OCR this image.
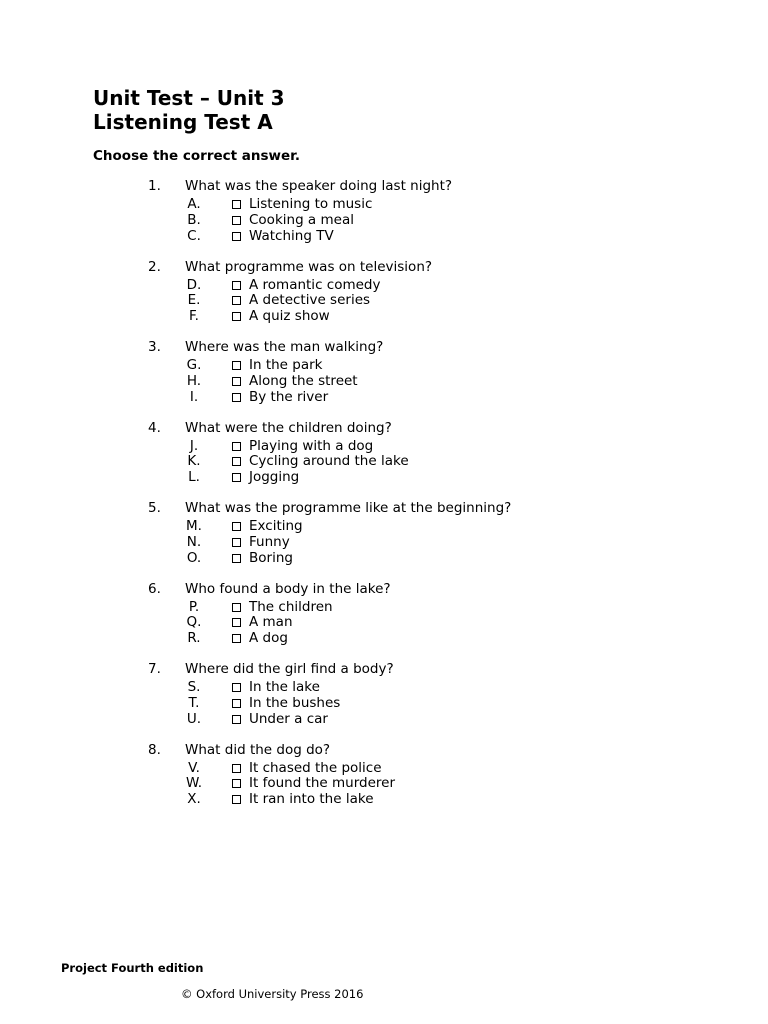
Unit Test – Unit 3

Listening Test A

Choose the correct answer.

1. What was the speaker doing last night?
A.	Listening to music
B.	Cooking a meal
C.	Watching TV
2. What programme was on television?
D.	A romantic comedy
E.	A detective series
F.	A quiz show
3. Where was the man walking?
G.	In the park
H.	Along the street
I.	By the river
4. What were the children doing?
J.	Playing with a dog
K.	Cycling around the lake
L.	Jogging
5. What was the programme like at the beginning?
M.	Exciting
N.	Funny
O.	Boring
6. Who found a body in the lake?
P.	The children
Q.	A man
R.	A dog
7. Where did the girl find a body?
S.	In the lake
T.	In the bushes
U.	Under a car
8. What did the dog do?
V.	It chased the police
W.	It found the murderer
X.	It ran into the lake
Project Fourth edition
© Oxford University Press 2016
